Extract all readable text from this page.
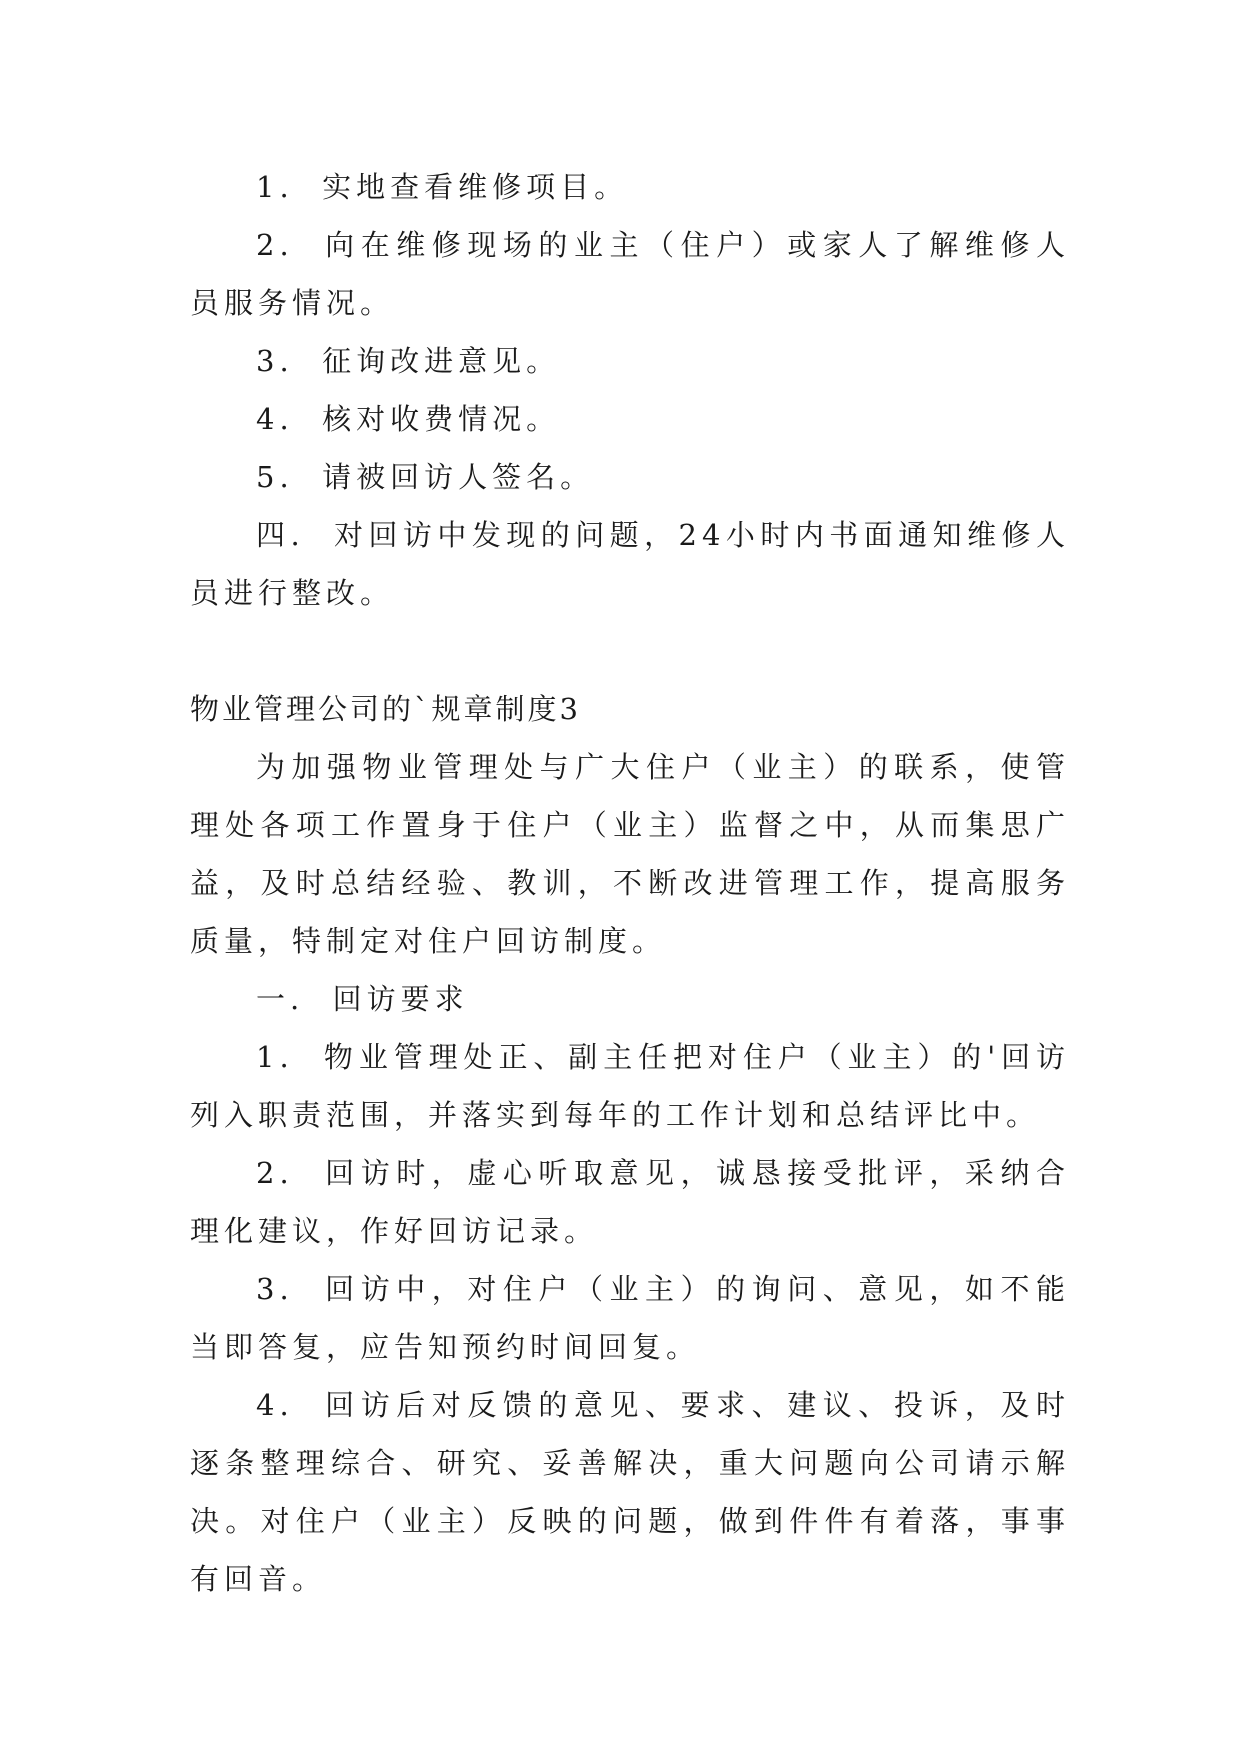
1.  实地查看维修项目。

2.  向在维修现场的业主（住户）或家人了解维修人员服务情况。

3.  征询改进意见。

4.  核对收费情况。

5.  请被回访人签名。

四.  对回访中发现的问题，24小时内书面通知维修人员进行整改。

物业管理公司的`规章制度3

为加强物业管理处与广大住户（业主）的联系，使管理处各项工作置身于住户（业主）监督之中，从而集思广益，及时总结经验、教训，不断改进管理工作，提高服务质量，特制定对住户回访制度。

一.  回访要求

1.  物业管理处正、副主任把对住户（业主）的'回访列入职责范围，并落实到每年的工作计划和总结评比中。

2.  回访时，虚心听取意见，诚恳接受批评，采纳合理化建议，作好回访记录。

3.  回访中，对住户（业主）的询问、意见，如不能当即答复，应告知预约时间回复。

4.  回访后对反馈的意见、要求、建议、投诉，及时逐条整理综合、研究、妥善解决，重大问题向公司请示解决。对住户（业主）反映的问题，做到件件有着落，事事有回音。
